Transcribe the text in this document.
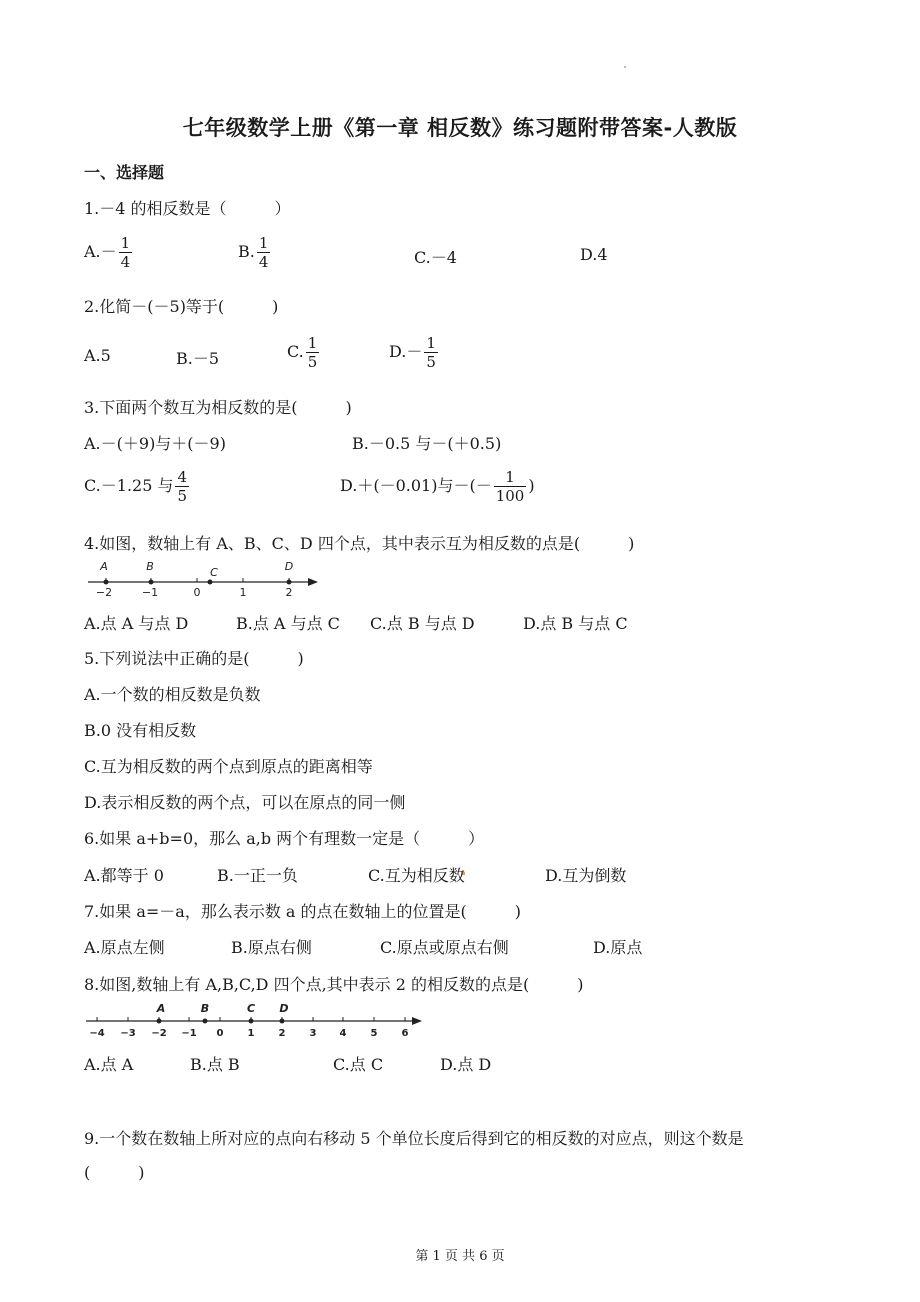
七年级数学上册《第一章 相反数》练习题附带答案-人教版
一、选择题
1.－4 的相反数是（　　　）
$A.- \frac{1}{4}$	B. $\frac{1}{4}$	C.－4	D.4
2.化简－(－5)等于(　　　)
A.5	B.－5	C. $\frac{1}{5}$	$D.- \frac{1}{5}$
3.下面两个数互为相反数的是(　　　)
A.－(＋9)与＋(－9)	B.－0.5 与－(＋0.5)
C.－1.25 与 $\frac{4}{5}$	D.＋(－0.01)与－(－ $\frac{1}{100}$ )
4.如图，数轴上有 A、B、C、D 四个点，其中表示互为相反数的点是(　　　)
A	B	C	D
−2	−1	0	1	2
A.点 A 与点 D	B.点 A 与点 C C.点 B 与点 D	D.点 B 与点 C
5.下列说法中正确的是(　　　)
A.一个数的相反数是负数
B.0 没有相反数
C.互为相反数的两个点到原点的距离相等
D.表示相反数的两个点，可以在原点的同一侧
6.如果 a+b=0，那么 a,b 两个有理数一定是（　　　）
A.都等于 0	B.一正一负	C.互为相反数	D.互为倒数
7.如果 a=－a，那么表示数 a 的点在数轴上的位置是(　　　)
A.原点左侧	B.原点右侧	C.原点或原点右侧	D.原点
8.如图,数轴上有 A,B,C,D 四个点,其中表示 2 的相反数的点是(　　　)
A	B	C D
−4 −3 −2 −1 0 1 2 3 4 5 6
A.点 A	B.点 B	C.点 C	D.点 D
9.一个数在数轴上所对应的点向右移动 5 个单位长度后得到它的相反数的对应点，则这个数是
(　　　)
第 1 页 共 6 页
